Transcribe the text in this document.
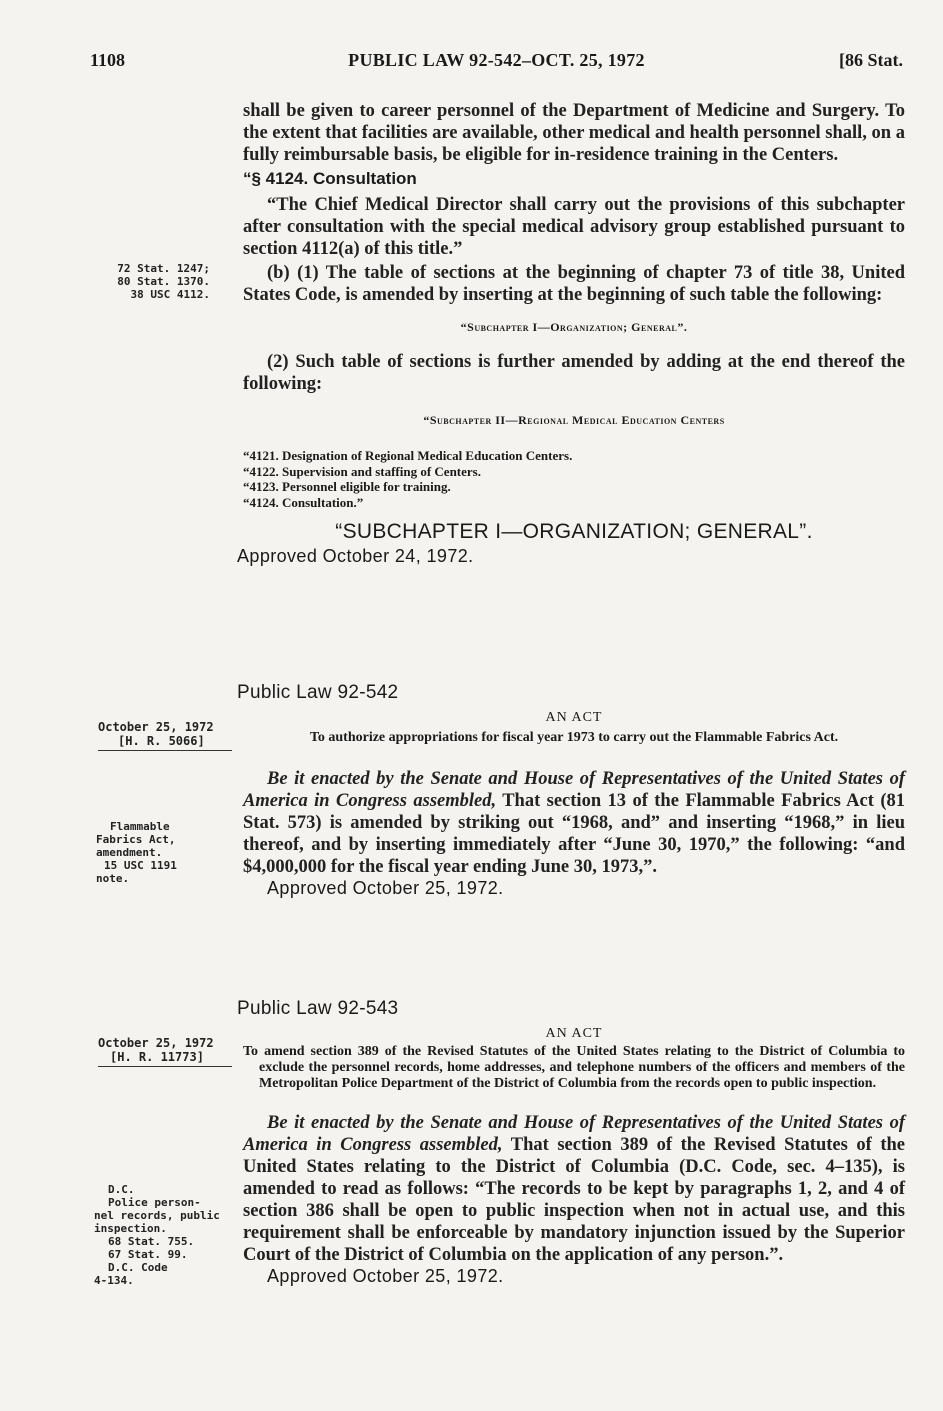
1108	PUBLIC LAW 92-542–OCT. 25, 1972	[86 Stat.

shall be given to career personnel of the Department of Medicine and Surgery. To the extent that facilities are available, other medical and health personnel shall, on a fully reimbursable basis, be eligible for in-residence training in the Centers.

“§ 4124. Consultation

“The Chief Medical Director shall carry out the provisions of this subchapter after consultation with the special medical advisory group established pursuant to section 4112(a) of this title.”

(b) (1) The table of sections at the beginning of chapter 73 of title 38, United States Code, is amended by inserting at the beginning of such table the following:

“Subchapter I—Organization; General”.

(2) Such table of sections is further amended by adding at the end thereof the following:

“Subchapter II—Regional Medical Education Centers

“4121. Designation of Regional Medical Education Centers.

“4122. Supervision and staffing of Centers.

“4123. Personnel eligible for training.

“4124. Consultation.”

“SUBCHAPTER I—ORGANIZATION; GENERAL”.
Approved October 24, 1972.
Public Law 92-542
AN ACT
To authorize appropriations for fiscal year 1973 to carry out the Flammable Fabrics Act.

Be it enacted by the Senate and House of Representatives of the United States of America in Congress assembled, That section 13 of the Flammable Fabrics Act (81 Stat. 573) is amended by striking out “1968, and” and inserting “1968,” in lieu thereof, and by inserting immediately after “June 30, 1970,” the following: “and $4,000,000 for the fiscal year ending June 30, 1973,”.

Approved October 25, 1972.
Public Law 92-543
AN ACT
To amend section 389 of the Revised Statutes of the United States relating to the District of Columbia to exclude the personnel records, home addresses, and telephone numbers of the officers and members of the Metropolitan Police Department of the District of Columbia from the records open to public inspection.

Be it enacted by the Senate and House of Representatives of the United States of America in Congress assembled, That section 389 of the Revised Statutes of the United States relating to the District of Columbia (D.C. Code, sec. 4–135), is amended to read as follows: “The records to be kept by paragraphs 1, 2, and 4 of section 386 shall be open to public inspection when not in actual use, and this requirement shall be enforceable by mandatory injunction issued by the Superior Court of the District of Columbia on the application of any person.”.

Approved October 25, 1972.
72 Stat. 1247;
80 Stat. 1370.
38 USC 4112.
October 25, 1972
[H. R. 5066]
Flammable
Fabrics Act,
amendment.
15 USC 1191
note.
October 25, 1972
[H. R. 11773]
D.C.
Police person-
nel records, public
inspection.
68 Stat. 755.
67 Stat. 99.
D.C. Code
4-134.
